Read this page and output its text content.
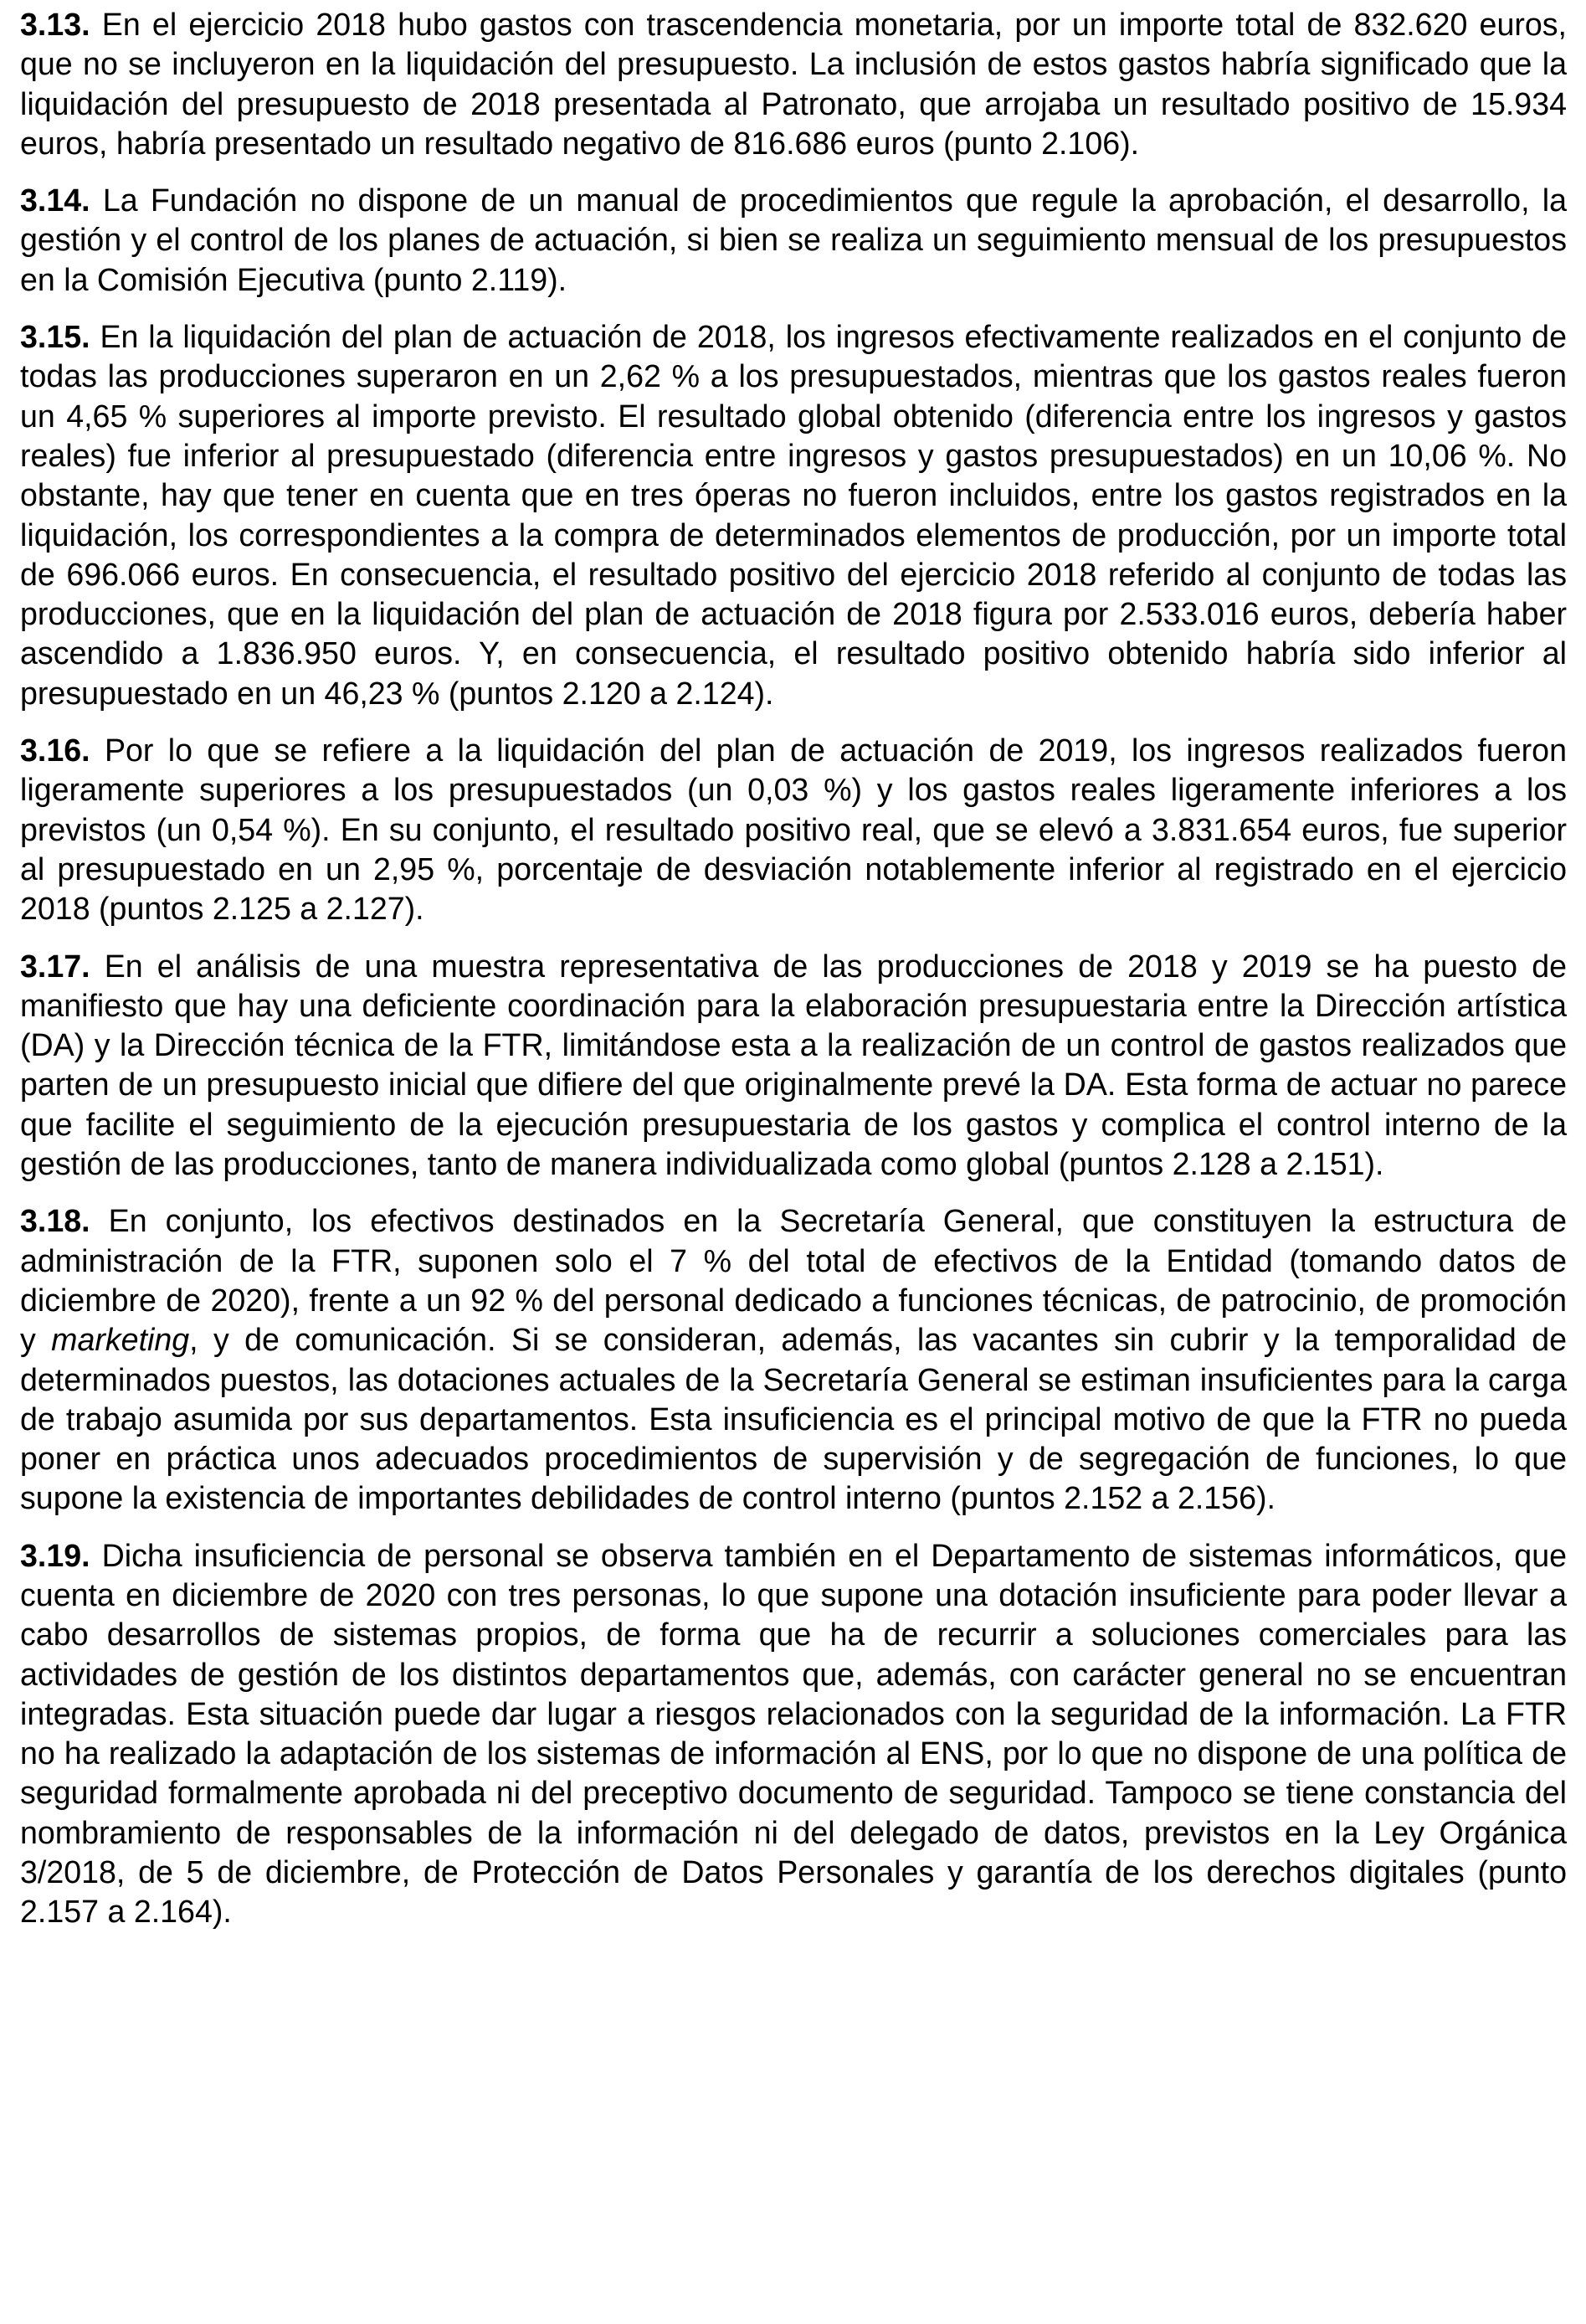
3.13. En el ejercicio 2018 hubo gastos con trascendencia monetaria, por un importe total de 832.620 euros, que no se incluyeron en la liquidación del presupuesto. La inclusión de estos gastos habría significado que la liquidación del presupuesto de 2018 presentada al Patronato, que arrojaba un resultado positivo de 15.934 euros, habría presentado un resultado negativo de 816.686 euros (punto 2.106).

3.14. La Fundación no dispone de un manual de procedimientos que regule la aprobación, el desarrollo, la gestión y el control de los planes de actuación, si bien se realiza un seguimiento mensual de los presupuestos en la Comisión Ejecutiva (punto 2.119).

3.15. En la liquidación del plan de actuación de 2018, los ingresos efectivamente realizados en el conjunto de todas las producciones superaron en un 2,62 % a los presupuestados, mientras que los gastos reales fueron un 4,65 % superiores al importe previsto. El resultado global obtenido (diferencia entre los ingresos y gastos reales) fue inferior al presupuestado (diferencia entre ingresos y gastos presupuestados) en un 10,06 %. No obstante, hay que tener en cuenta que en tres óperas no fueron incluidos, entre los gastos registrados en la liquidación, los correspondientes a la compra de determinados elementos de producción, por un importe total de 696.066 euros. En consecuencia, el resultado positivo del ejercicio 2018 referido al conjunto de todas las producciones, que en la liquidación del plan de actuación de 2018 figura por 2.533.016 euros, debería haber ascendido a 1.836.950 euros. Y, en consecuencia, el resultado positivo obtenido habría sido inferior al presupuestado en un 46,23 % (puntos 2.120 a 2.124).

3.16. Por lo que se refiere a la liquidación del plan de actuación de 2019, los ingresos realizados fueron ligeramente superiores a los presupuestados (un 0,03 %) y los gastos reales ligeramente inferiores a los previstos (un 0,54 %). En su conjunto, el resultado positivo real, que se elevó a 3.831.654 euros, fue superior al presupuestado en un 2,95 %, porcentaje de desviación notablemente inferior al registrado en el ejercicio 2018 (puntos 2.125 a 2.127).

3.17. En el análisis de una muestra representativa de las producciones de 2018 y 2019 se ha puesto de manifiesto que hay una deficiente coordinación para la elaboración presupuestaria entre la Dirección artística (DA) y la Dirección técnica de la FTR, limitándose esta a la realización de un control de gastos realizados que parten de un presupuesto inicial que difiere del que originalmente prevé la DA. Esta forma de actuar no parece que facilite el seguimiento de la ejecución presupuestaria de los gastos y complica el control interno de la gestión de las producciones, tanto de manera individualizada como global (puntos 2.128 a 2.151).

3.18. En conjunto, los efectivos destinados en la Secretaría General, que constituyen la estructura de administración de la FTR, suponen solo el 7 % del total de efectivos de la Entidad (tomando datos de diciembre de 2020), frente a un 92 % del personal dedicado a funciones técnicas, de patrocinio, de promoción y marketing, y de comunicación. Si se consideran, además, las vacantes sin cubrir y la temporalidad de determinados puestos, las dotaciones actuales de la Secretaría General se estiman insuficientes para la carga de trabajo asumida por sus departamentos. Esta insuficiencia es el principal motivo de que la FTR no pueda poner en práctica unos adecuados procedimientos de supervisión y de segregación de funciones, lo que supone la existencia de importantes debilidades de control interno (puntos 2.152 a 2.156).

3.19. Dicha insuficiencia de personal se observa también en el Departamento de sistemas informáticos, que cuenta en diciembre de 2020 con tres personas, lo que supone una dotación insuficiente para poder llevar a cabo desarrollos de sistemas propios, de forma que ha de recurrir a soluciones comerciales para las actividades de gestión de los distintos departamentos que, además, con carácter general no se encuentran integradas. Esta situación puede dar lugar a riesgos relacionados con la seguridad de la información. La FTR no ha realizado la adaptación de los sistemas de información al ENS, por lo que no dispone de una política de seguridad formalmente aprobada ni del preceptivo documento de seguridad. Tampoco se tiene constancia del nombramiento de responsables de la información ni del delegado de datos, previstos en la Ley Orgánica 3/2018, de 5 de diciembre, de Protección de Datos Personales y garantía de los derechos digitales (punto 2.157 a 2.164).
